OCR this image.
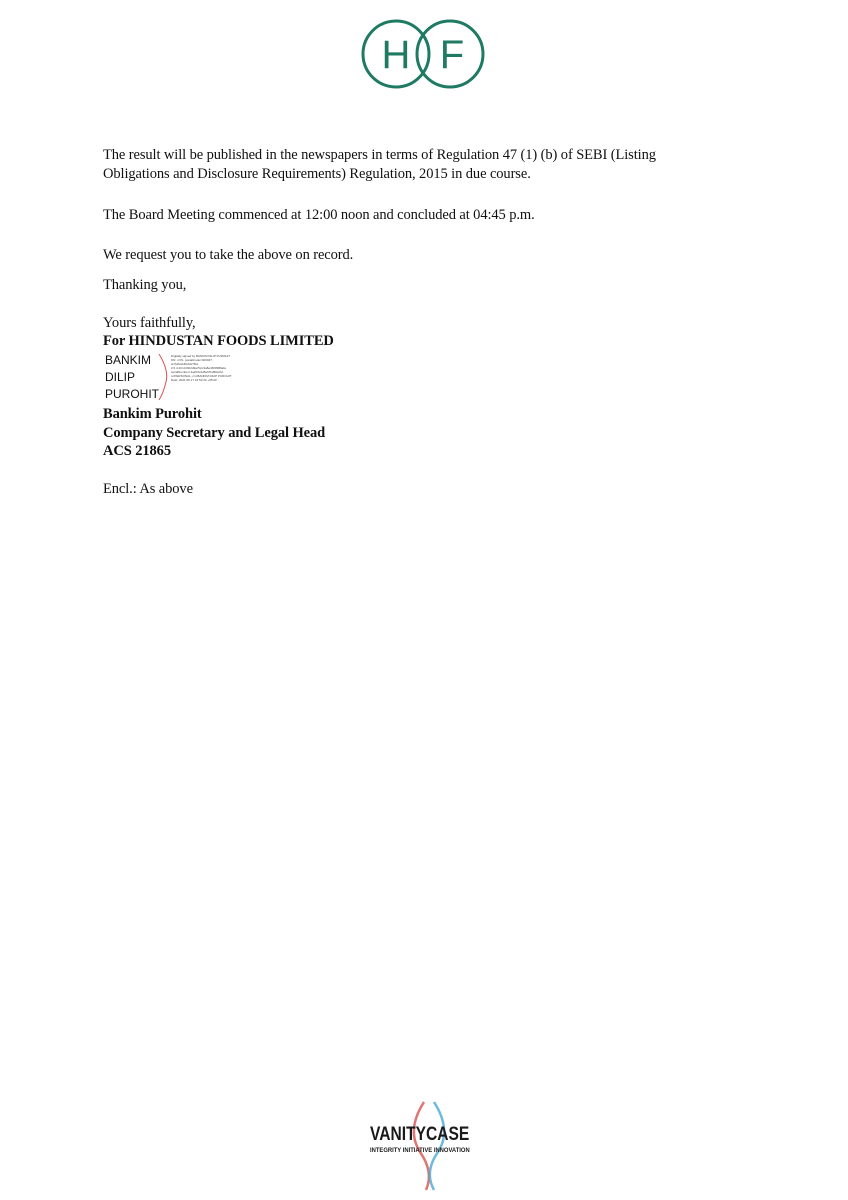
H F

The result will be published in the newspapers in terms of Regulation 47 (1) (b) of SEBI (Listing

Obligations and Disclosure Requirements) Regulation, 2015 in due course.

The Board Meeting commenced at 12:00 noon and concluded at 04:45 p.m.

We request you to take the above on record.

Thanking you,

Yours faithfully,

For HINDUSTAN FOODS LIMITED

BANKIM
DILIP
PUROHIT
Digitally signed by BANKIM DILIP PUROHIT DN: c=IN, postalCode=400047, st=MAHARASHTRA, 2.5.4.20=d1f1f2d9a7b2c3a8e46f3f9f8a0e, serialNumber=1a2b3c4d5e6f7a8b9c0d, o=PERSONAL, cn=BANKIM DILIP PUROHIT Date: 2021.05.17 16:52:34 +05'30'

Bankim Purohit

Company Secretary and Legal Head

ACS 21865

Encl.: As above

VANITYCASE
INTEGRITY INITIATIVE INNOVATION
